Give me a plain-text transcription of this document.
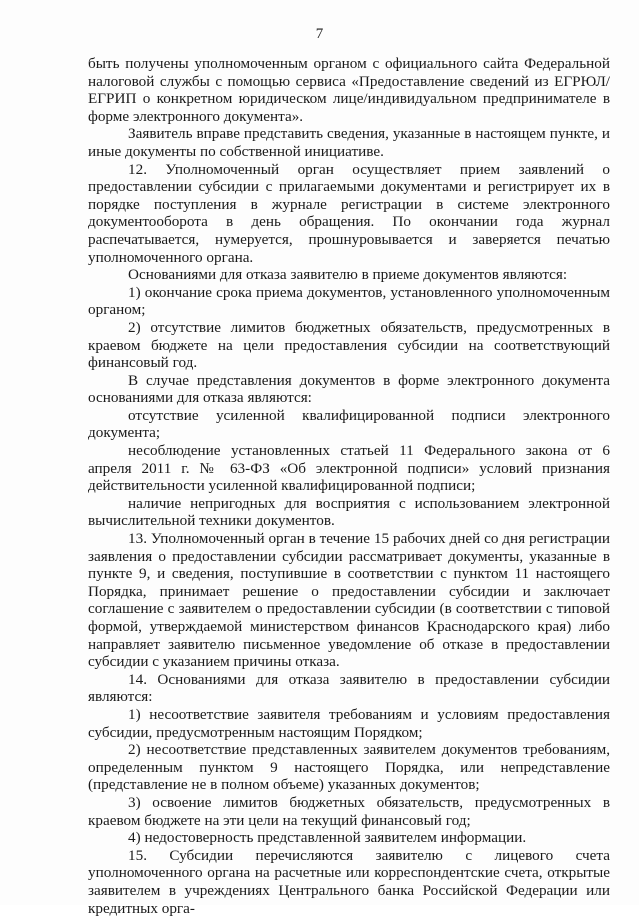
7

быть получены уполномоченным органом с официального сайта Федеральной налоговой службы с помощью сервиса «Предоставление сведений из ЕГРЮЛ/ЕГРИП о конкретном юридическом лице/индивидуальном предпринимателе в форме электронного документа».

Заявитель вправе представить сведения, указанные в настоящем пункте, и иные документы по собственной инициативе.

12. Уполномоченный орган осуществляет прием заявлений о предоставлении субсидии с прилагаемыми документами и регистрирует их в порядке поступления в журнале регистрации в системе электронного документооборота в день обращения. По окончании года журнал распечатывается, нумеруется, прошнуровывается и заверяется печатью уполномоченного органа.

Основаниями для отказа заявителю в приеме документов являются:

1) окончание срока приема документов, установленного уполномоченным органом;

2) отсутствие лимитов бюджетных обязательств, предусмотренных в краевом бюджете на цели предоставления субсидии на соответствующий финансовый год.

В случае представления документов в форме электронного документа основаниями для отказа являются:

отсутствие усиленной квалифицированной подписи электронного документа;

несоблюдение установленных статьей 11 Федерального закона от 6 апреля 2011 г. № 63-ФЗ «Об электронной подписи» условий признания действительности усиленной квалифицированной подписи;

наличие непригодных для восприятия с использованием электронной вычислительной техники документов.

13. Уполномоченный орган в течение 15 рабочих дней со дня регистрации заявления о предоставлении субсидии рассматривает документы, указанные в пункте 9, и сведения, поступившие в соответствии с пунктом 11 настоящего Порядка, принимает решение о предоставлении субсидии и заключает соглашение с заявителем о предоставлении субсидии (в соответствии с типовой формой, утверждаемой министерством финансов Краснодарского края) либо направляет заявителю письменное уведомление об отказе в предоставлении субсидии с указанием причины отказа.

14. Основаниями для отказа заявителю в предоставлении субсидии являются:

1) несоответствие заявителя требованиям и условиям предоставления субсидии, предусмотренным настоящим Порядком;

2) несоответствие представленных заявителем документов требованиям, определенным пунктом 9 настоящего Порядка, или непредставление (представление не в полном объеме) указанных документов;

3) освоение лимитов бюджетных обязательств, предусмотренных в краевом бюджете на эти цели на текущий финансовый год;

4) недостоверность представленной заявителем информации.

15. Субсидии перечисляются заявителю с лицевого счета уполномоченного органа на расчетные или корреспондентские счета, открытые заявителем в учреждениях Центрального банка Российской Федерации или кредитных орга-
